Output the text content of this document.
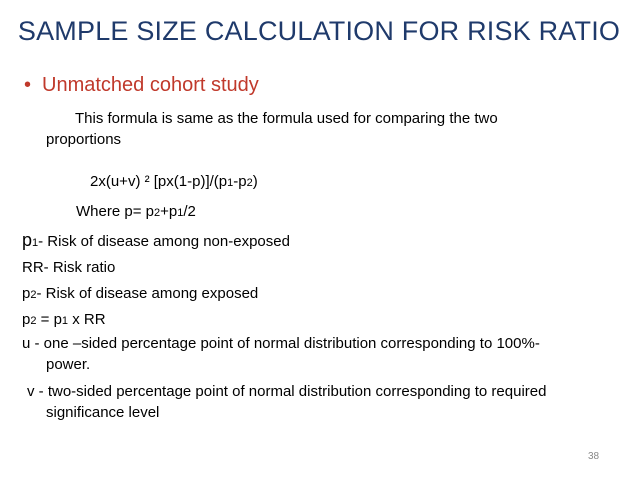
SAMPLE SIZE CALCULATION FOR RISK RATIO
• Unmatched cohort study
This formula is same as the formula used for comparing the two
proportions
2x(u+v) ² [px(1-p)]/(p1-p2)
Where p= p2+p1/2
p1- Risk of disease among non-exposed
RR- Risk ratio
p2- Risk of disease among exposed
p2 = p1 x RR
u - one –sided percentage point of normal distribution corresponding to 100%-
power.
v - two-sided percentage point of normal distribution corresponding to required
significance level
38
